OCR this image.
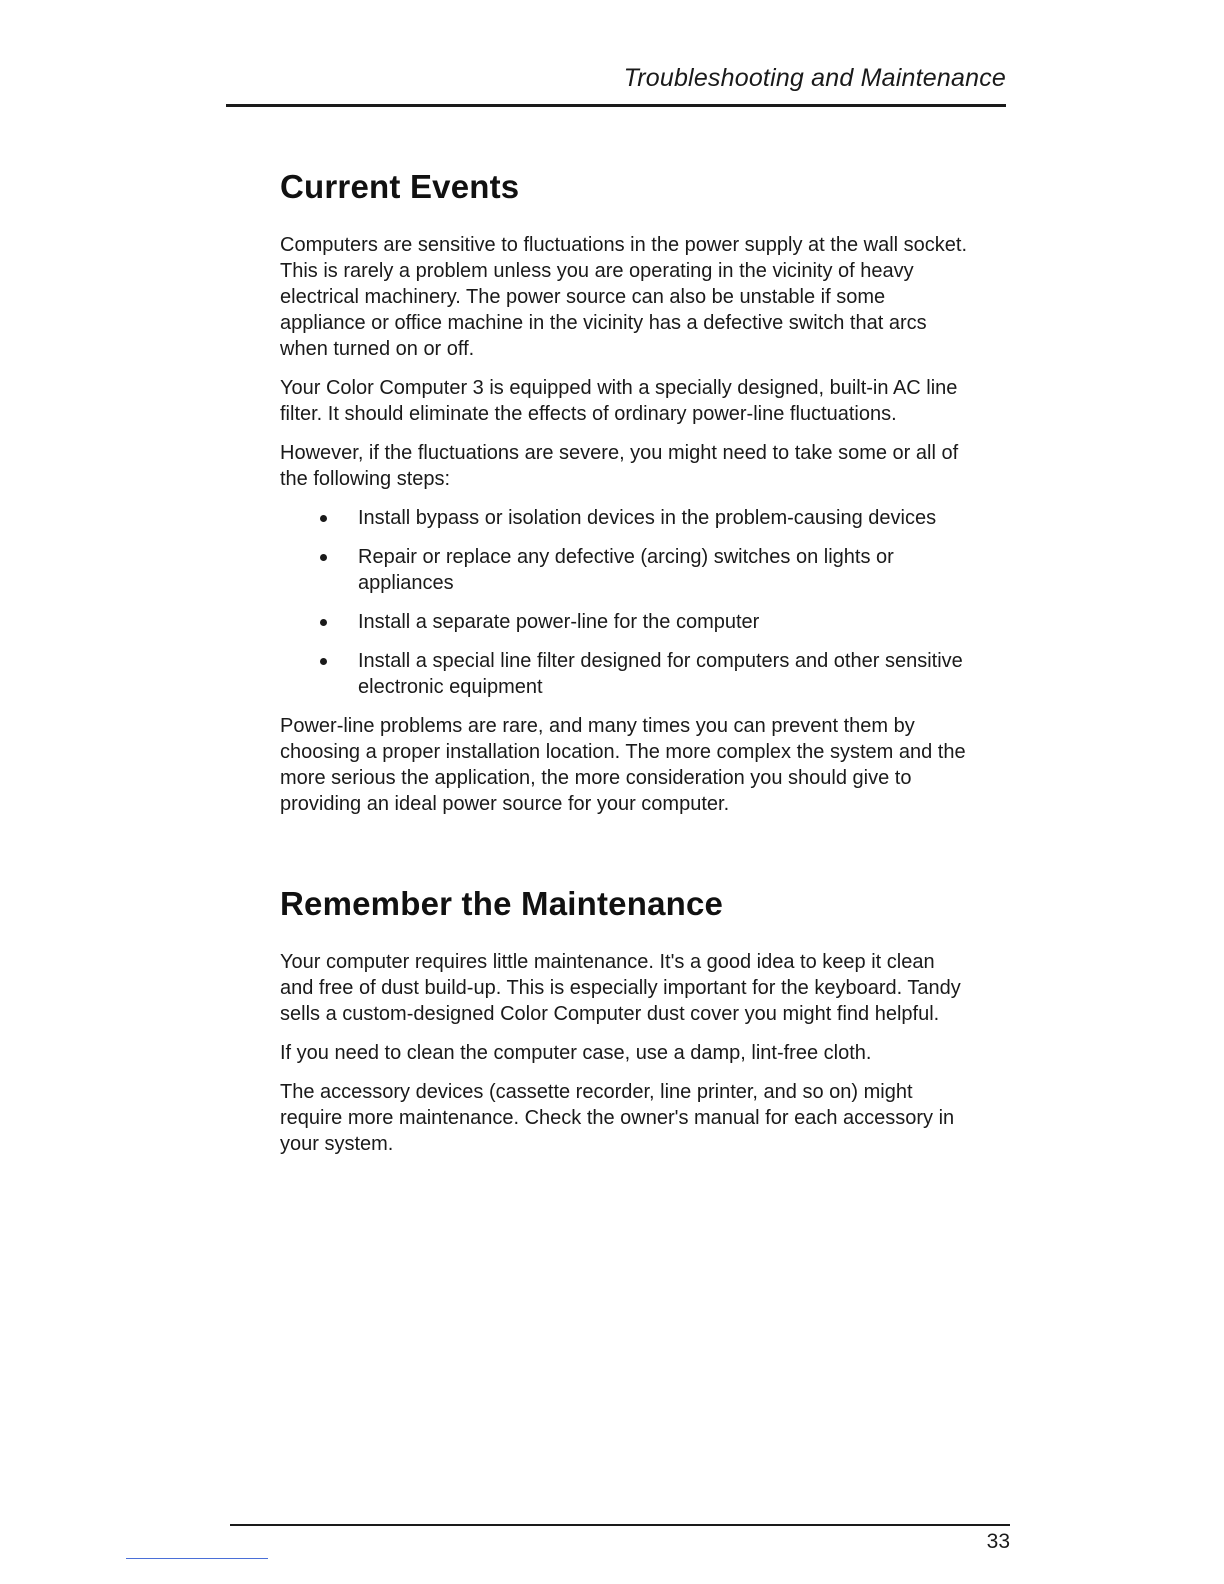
Troubleshooting and Maintenance
Current Events

Computers are sensitive to fluctuations in the power supply at the wall socket. This is rarely a problem unless you are operating in the vicinity of heavy electrical machinery. The power source can also be unstable if some appliance or office machine in the vicinity has a defective switch that arcs when turned on or off.

Your Color Computer 3 is equipped with a specially designed, built-in AC line filter. It should eliminate the effects of ordinary power-line fluctuations.

However, if the fluctuations are severe, you might need to take some or all of the following steps:

Install bypass or isolation devices in the problem-causing devices
Repair or replace any defective (arcing) switches on lights or appliances
Install a separate power-line for the computer
Install a special line filter designed for computers and other sensitive electronic equipment

Power-line problems are rare, and many times you can prevent them by choosing a proper installation location. The more complex the system and the more serious the application, the more consideration you should give to providing an ideal power source for your computer.

Remember the Maintenance

Your computer requires little maintenance. It's a good idea to keep it clean and free of dust build-up. This is especially important for the keyboard. Tandy sells a custom-designed Color Computer dust cover you might find helpful.

If you need to clean the computer case, use a damp, lint-free cloth.

The accessory devices (cassette recorder, line printer, and so on) might require more maintenance. Check the owner's manual for each accessory in your system.

33
